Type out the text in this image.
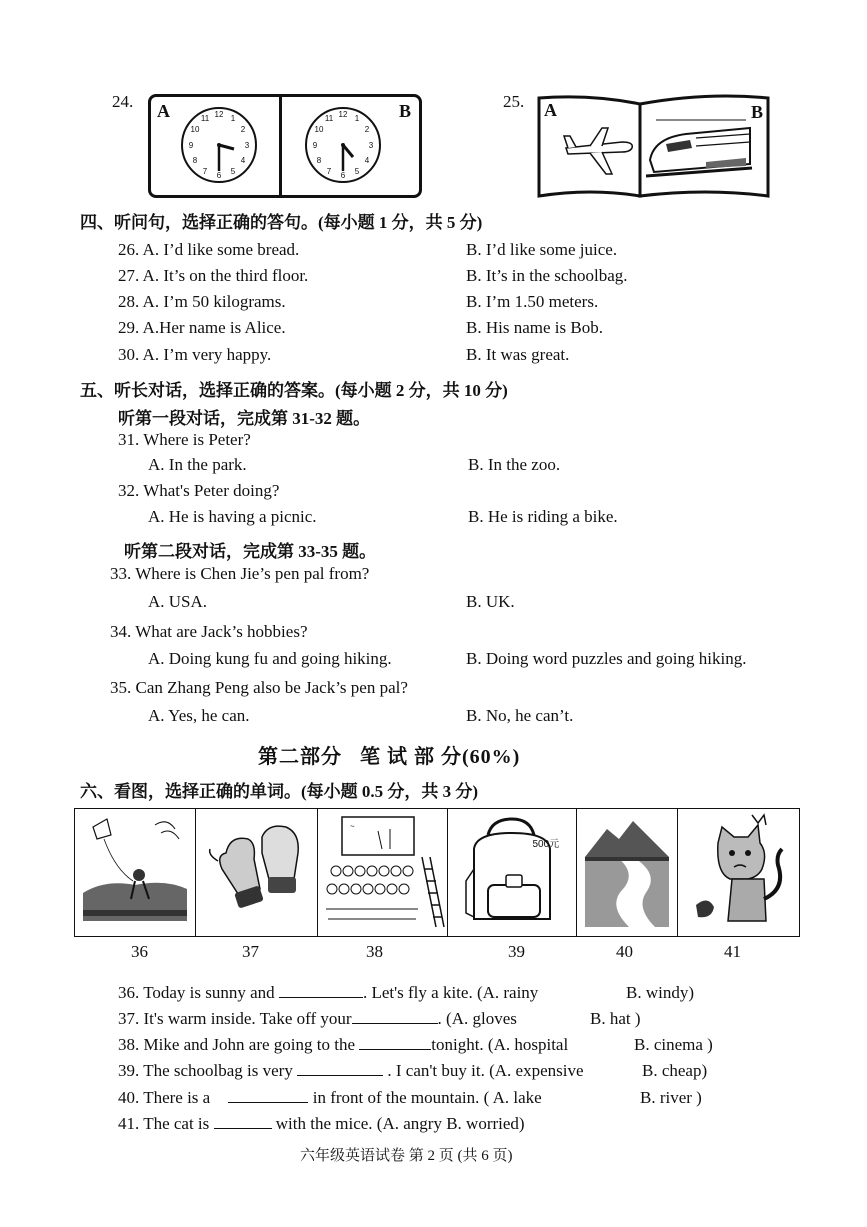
24. A	B
12 1
2
3
4
5
6
7
8
9
10
11	12 1
2
3
4
5
6
7
8
9
10
11
25. A	B
四、听问句，选择正确的答句。(每小题 1 分，共 5 分)
26. A. I’d like some bread.	B. I’d like some juice.
27. A. It’s on the third floor.	B. It’s in the schoolbag.
28. A. I’m 50 kilograms.	B. I’m 1.50 meters.
29. A.Her name is Alice.	B. His name is Bob.
30. A. I’m very happy.	B. It was great.
五、听长对话，选择正确的答案。(每小题 2 分，共 10 分)
听第一段对话，完成第 31-32 题。
31. Where is Peter?
A. In the park.	B. In the zoo.
32. What's Peter doing?
A. He is having a picnic.	B. He is riding a bike.
听第二段对话，完成第 33-35 题。
33. Where is Chen Jie’s pen pal from?
A. USA.	B. UK.
34. What are Jack’s hobbies?
A. Doing kung fu and going hiking.	B. Doing word puzzles and going hiking.
35. Can Zhang Peng also be Jack’s pen pal?
A. Yes, he can.	B. No, he can’t.
第二部分   笔 试 部 分(60%)
六、看图，选择正确的单词。(每小题 0.5 分，共 3 分)
~
500元
36	37	38	39	40	41
36. Today is sunny and	. Let's fly a kite. (A. rainy	B. windy)
37. It's warm inside. Take off your	. (A. gloves	B. hat )
38. Mike and John are going to the	tonight. (A. hospital	B. cinema )
39. The schoolbag is very	. I can't buy it. (A. expensive	B. cheap)
40. There is a	in front of the mountain. ( A. lake	B. river )
41. The cat is	with the mice. (A. angry B. worried)
六年级英语试卷 第 2 页 (共 6 页)
